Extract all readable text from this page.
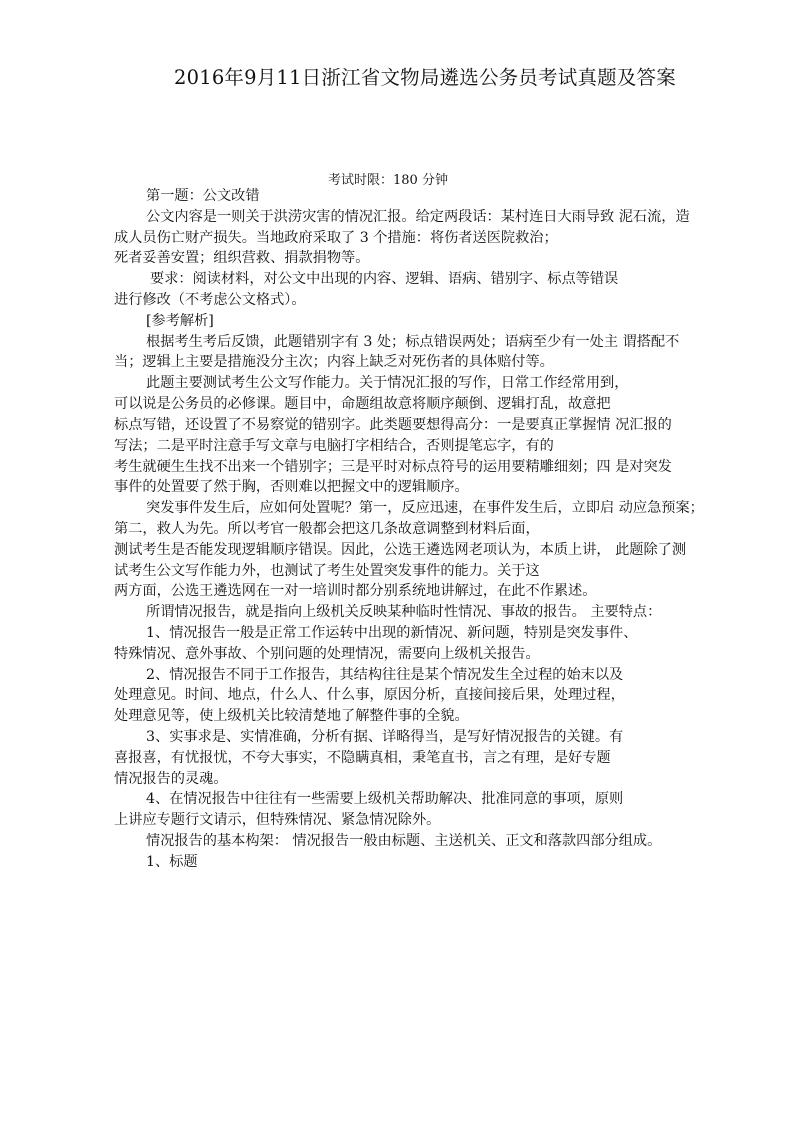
2016年9月11日浙江省文物局遴选公务员考试真题及答案
考试时限：180 分钟
第一题：公文改错
公文内容是一则关于洪涝灾害的情况汇报。给定两段话：某村连日大雨导致 泥石流，造
成人员伤亡财产损失。当地政府采取了 3 个措施：将伤者送医院救治；
死者妥善安置；组织营救、捐款捐物等。
要求：阅读材料，对公文中出现的内容、逻辑、语病、错别字、标点等错误
进行修改（不考虑公文格式）。
[参考解析]
根据考生考后反馈，此题错别字有 3 处；标点错误两处；语病至少有一处主 谓搭配不
当；逻辑上主要是措施没分主次；内容上缺乏对死伤者的具体赔付等。
此题主要测试考生公文写作能力。关于情况汇报的写作，日常工作经常用到，
可以说是公务员的必修课。题目中，命题组故意将顺序颠倒、逻辑打乱，故意把
标点写错，还设置了不易察觉的错别字。此类题要想得高分：一是要真正掌握情 况汇报的
写法；二是平时注意手写文章与电脑打字相结合，否则提笔忘字，有的
考生就硬生生找不出来一个错别字；三是平时对标点符号的运用要精雕细刻；四 是对突发
事件的处置要了然于胸，否则难以把握文中的逻辑顺序。
突发事件发生后，应如何处置呢？第一，反应迅速，在事件发生后，立即启 动应急预案；
第二，救人为先。所以考官一般都会把这几条故意调整到材料后面，
测试考生是否能发现逻辑顺序错误。因此，公选王遴选网老项认为，本质上讲， 此题除了测
试考生公文写作能力外，也测试了考生处置突发事件的能力。关于这
两方面，公选王遴选网在一对一培训时都分别系统地讲解过，在此不作累述。
所谓情况报告，就是指向上级机关反映某种临时性情况、事故的报告。 主要特点：
1、情况报告一般是正常工作运转中出现的新情况、新问题，特别是突发事件、
特殊情况、意外事故、个别问题的处理情况，需要向上级机关报告。
2、情况报告不同于工作报告，其结构往往是某个情况发生全过程的始末以及
处理意见。时间、地点，什么人、什么事，原因分析，直接间接后果，处理过程，
处理意见等，使上级机关比较清楚地了解整件事的全貌。
3、实事求是、实情准确，分析有据、详略得当，是写好情况报告的关键。有
喜报喜，有忧报忧，不夸大事实，不隐瞒真相，秉笔直书，言之有理，是好专题
情况报告的灵魂。
4、在情况报告中往往有一些需要上级机关帮助解决、批准同意的事项，原则
上讲应专题行文请示，但特殊情况、紧急情况除外。
情况报告的基本构架： 情况报告一般由标题、主送机关、正文和落款四部分组成。
1、标题
